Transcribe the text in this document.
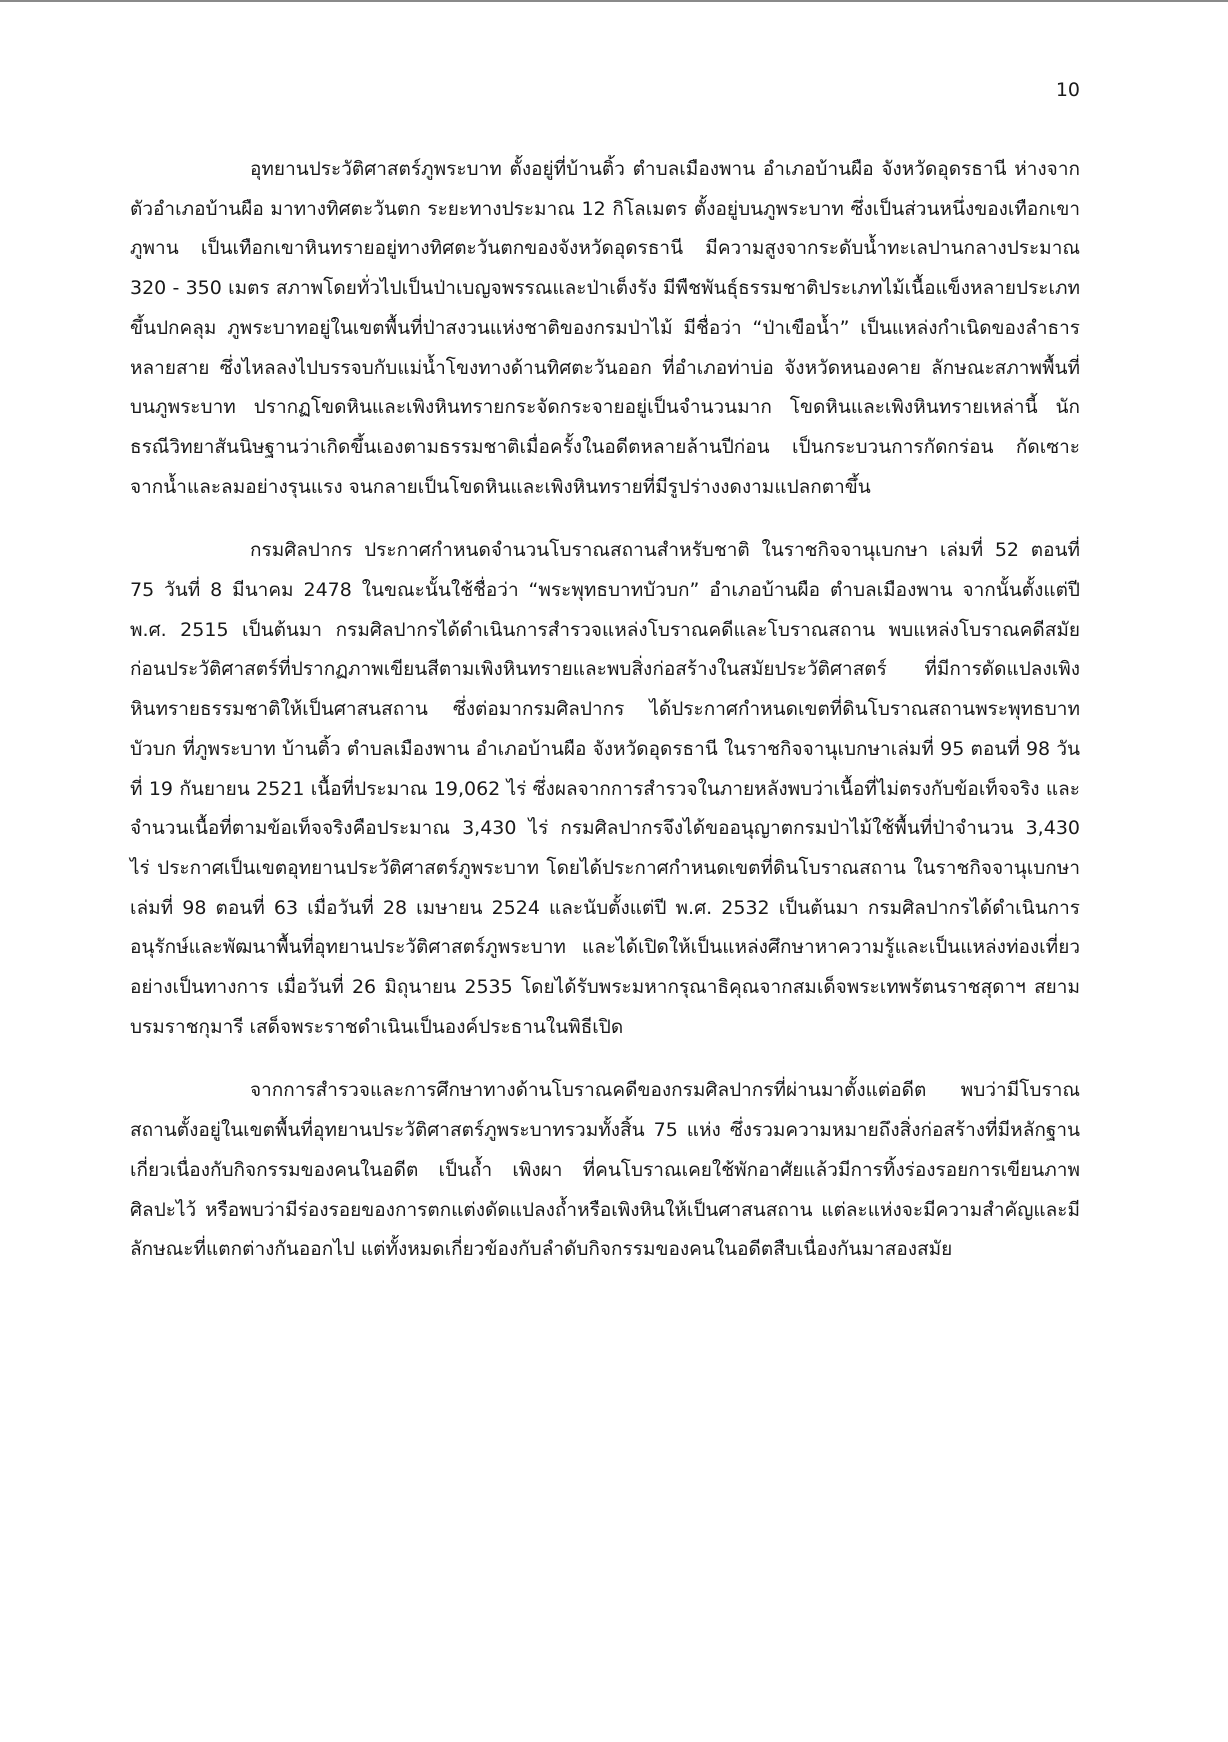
10

อุทยานประวัติศาสตร์ภูพระบาท ตั้งอยู่ที่บ้านติ้ว ตำบลเมืองพาน อำเภอบ้านผือ จังหวัดอุดรธานี ห่างจากตัวอำเภอบ้านผือ มาทางทิศตะวันตก ระยะทางประมาณ 12 กิโลเมตร ตั้งอยู่บนภูพระบาท ซึ่งเป็นส่วนหนึ่งของเทือกเขาภูพาน เป็นเทือกเขาหินทรายอยู่ทางทิศตะวันตกของจังหวัดอุดรธานี มีความสูงจากระดับน้ำทะเลปานกลางประมาณ 320 - 350 เมตร สภาพโดยทั่วไปเป็นป่าเบญจพรรณและป่าเต็งรัง มีพืชพันธุ์ธรรมชาติประเภทไม้เนื้อแข็งหลายประเภทขึ้นปกคลุม ภูพระบาทอยู่ในเขตพื้นที่ป่าสงวนแห่งชาติของกรมป่าไม้ มีชื่อว่า “ป่าเขือน้ำ” เป็นแหล่งกำเนิดของลำธารหลายสาย ซึ่งไหลลงไปบรรจบกับแม่น้ำโขงทางด้านทิศตะวันออก ที่อำเภอท่าบ่อ จังหวัดหนองคาย ลักษณะสภาพพื้นที่บนภูพระบาท ปรากฏโขดหินและเพิงหินทรายกระจัดกระจายอยู่เป็นจำนวนมาก โขดหินและเพิงหินทรายเหล่านี้ นักธรณีวิทยาสันนิษฐานว่าเกิดขึ้นเองตามธรรมชาติเมื่อครั้งในอดีตหลายล้านปีก่อน เป็นกระบวนการกัดกร่อน กัดเซาะ จากน้ำและลมอย่างรุนแรง จนกลายเป็นโขดหินและเพิงหินทรายที่มีรูปร่างงดงามแปลกตาขึ้น

กรมศิลปากร ประกาศกำหนดจำนวนโบราณสถานสำหรับชาติ ในราชกิจจานุเบกษา เล่มที่ 52 ตอนที่ 75 วันที่ 8 มีนาคม 2478 ในขณะนั้นใช้ชื่อว่า “พระพุทธบาทบัวบก” อำเภอบ้านผือ ตำบลเมืองพาน จากนั้นตั้งแต่ปี พ.ศ. 2515 เป็นต้นมา กรมศิลปากรได้ดำเนินการสำรวจแหล่งโบราณคดีและโบราณสถาน พบแหล่งโบราณคดีสมัยก่อนประวัติศาสตร์ที่ปรากฏภาพเขียนสีตามเพิงหินทรายและพบสิ่งก่อสร้างในสมัยประวัติศาสตร์ ที่มีการดัดแปลงเพิงหินทรายธรรมชาติให้เป็นศาสนสถาน ซึ่งต่อมากรมศิลปากร ได้ประกาศกำหนดเขตที่ดินโบราณสถานพระพุทธบาทบัวบก ที่ภูพระบาท บ้านติ้ว ตำบลเมืองพาน อำเภอบ้านผือ จังหวัดอุดรธานี ในราชกิจจานุเบกษาเล่มที่ 95 ตอนที่ 98 วันที่ 19 กันยายน 2521 เนื้อที่ประมาณ 19,062 ไร่ ซึ่งผลจากการสำรวจในภายหลังพบว่าเนื้อที่ไม่ตรงกับข้อเท็จจริง และจำนวนเนื้อที่ตามข้อเท็จจริงคือประมาณ 3,430 ไร่ กรมศิลปากรจึงได้ขออนุญาตกรมป่าไม้ใช้พื้นที่ป่าจำนวน 3,430 ไร่ ประกาศเป็นเขตอุทยานประวัติศาสตร์ภูพระบาท โดยได้ประกาศกำหนดเขตที่ดินโบราณสถาน ในราชกิจจานุเบกษาเล่มที่ 98 ตอนที่ 63 เมื่อวันที่ 28 เมษายน 2524 และนับตั้งแต่ปี พ.ศ. 2532 เป็นต้นมา กรมศิลปากรได้ดำเนินการอนุรักษ์และพัฒนาพื้นที่อุทยานประวัติศาสตร์ภูพระบาท และได้เปิดให้เป็นแหล่งศึกษาหาความรู้และเป็นแหล่งท่องเที่ยวอย่างเป็นทางการ เมื่อวันที่ 26 มิถุนายน 2535 โดยได้รับพระมหากรุณาธิคุณจากสมเด็จพระเทพรัตนราชสุดาฯ สยามบรมราชกุมารี เสด็จพระราชดำเนินเป็นองค์ประธานในพิธีเปิด

จากการสำรวจและการศึกษาทางด้านโบราณคดีของกรมศิลปากรที่ผ่านมาตั้งแต่อดีต พบว่ามีโบราณสถานตั้งอยู่ในเขตพื้นที่อุทยานประวัติศาสตร์ภูพระบาทรวมทั้งสิ้น 75 แห่ง ซึ่งรวมความหมายถึงสิ่งก่อสร้างที่มีหลักฐานเกี่ยวเนื่องกับกิจกรรมของคนในอดีต เป็นถ้ำ เพิงผา ที่คนโบราณเคยใช้พักอาศัยแล้วมีการทิ้งร่องรอยการเขียนภาพศิลปะไว้ หรือพบว่ามีร่องรอยของการตกแต่งดัดแปลงถ้ำหรือเพิงหินให้เป็นศาสนสถาน แต่ละแห่งจะมีความสำคัญและมีลักษณะที่แตกต่างกันออกไป แต่ทั้งหมดเกี่ยวข้องกับลำดับกิจกรรมของคนในอดีตสืบเนื่องกันมาสองสมัย
